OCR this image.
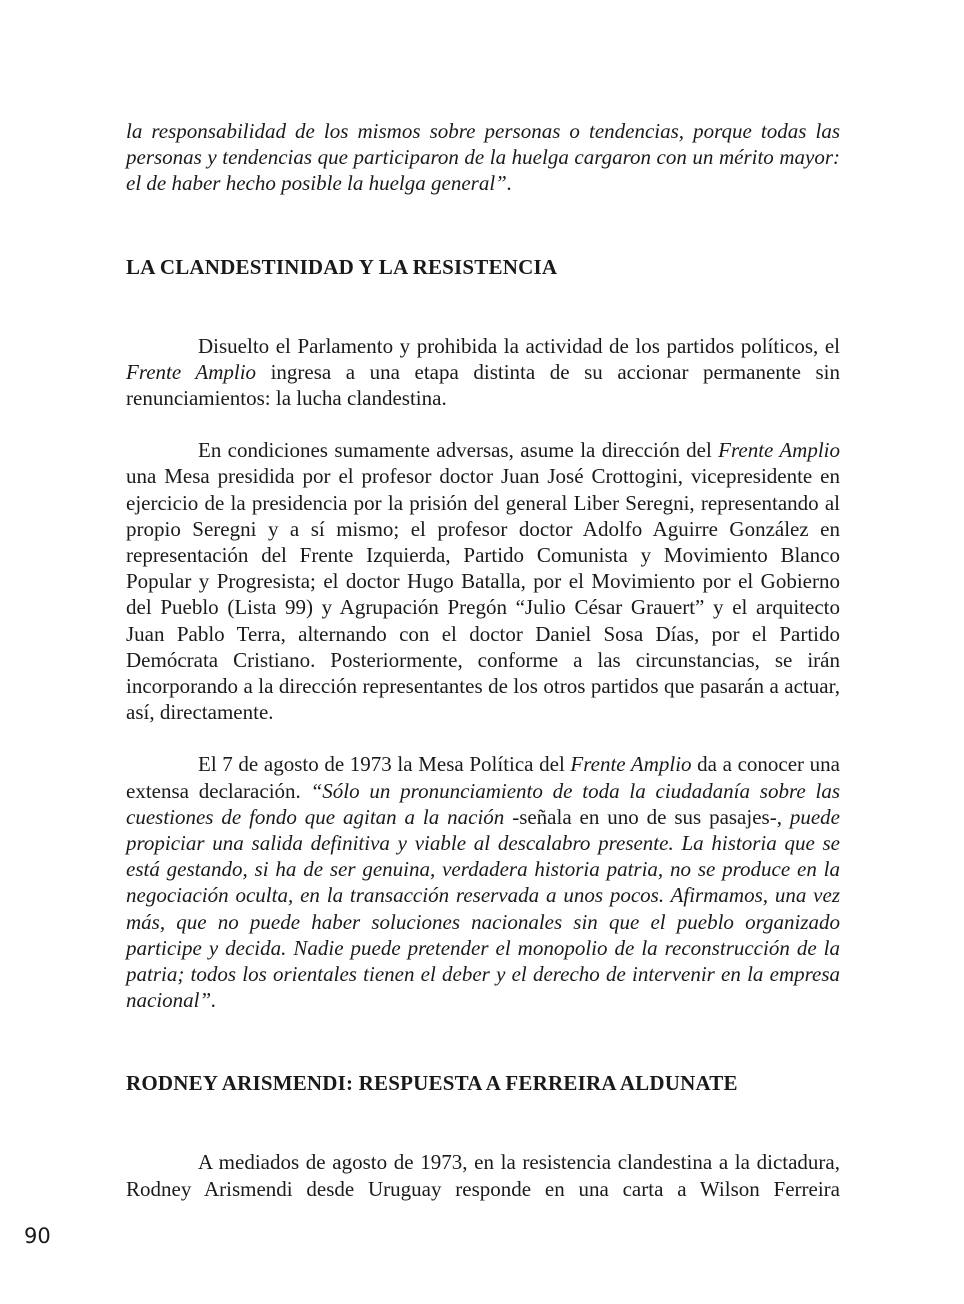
la responsabilidad de los mismos sobre personas o tendencias, porque todas las personas y tendencias que participaron de la huelga cargaron con un mérito mayor: el de haber hecho posible la huelga general”.

LA CLANDESTINIDAD Y LA RESISTENCIA

Disuelto el Parlamento y prohibida la actividad de los partidos políticos, el Frente Amplio ingresa a una etapa distinta de su accionar permanente sin renunciamientos: la lucha clandestina.

En condiciones sumamente adversas, asume la dirección del Frente Amplio una Mesa presidida por el profesor doctor Juan José Crottogini, vicepresidente en ejercicio de la presidencia por la prisión del general Liber Seregni, representando al propio Seregni y a sí mismo; el profesor doctor Adolfo Aguirre González en representación del Frente Izquierda, Partido Comunista y Movimiento Blanco Popular y Progresista; el doctor Hugo Batalla, por el Movimiento por el Gobierno del Pueblo (Lista 99) y Agrupación Pregón “Julio César Grauert” y el arquitecto Juan Pablo Terra, alternando con el doctor Daniel Sosa Días, por el Partido Demócrata Cristiano. Posteriormente, conforme a las circunstancias, se irán incorporando a la dirección representantes de los otros partidos que pasarán a actuar, así, directamente.

El 7 de agosto de 1973 la Mesa Política del Frente Amplio da a conocer una extensa declaración. “Sólo un pronunciamiento de toda la ciudadanía sobre las cuestiones de fondo que agitan a la nación -señala en uno de sus pasajes-, puede propiciar una salida definitiva y viable al descalabro presente. La historia que se está gestando, si ha de ser genuina, verdadera historia patria, no se produce en la negociación oculta, en la transacción reservada a unos pocos. Afirmamos, una vez más, que no puede haber soluciones nacionales sin que el pueblo organizado participe y decida. Nadie puede pretender el monopolio de la reconstrucción de la patria; todos los orientales tienen el deber y el derecho de intervenir en la empresa nacional”.

RODNEY ARISMENDI: RESPUESTA A FERREIRA ALDUNATE

A mediados de agosto de 1973, en la resistencia clandestina a la dictadura, Rodney Arismendi desde Uruguay responde en una carta a Wilson Ferreira

90
